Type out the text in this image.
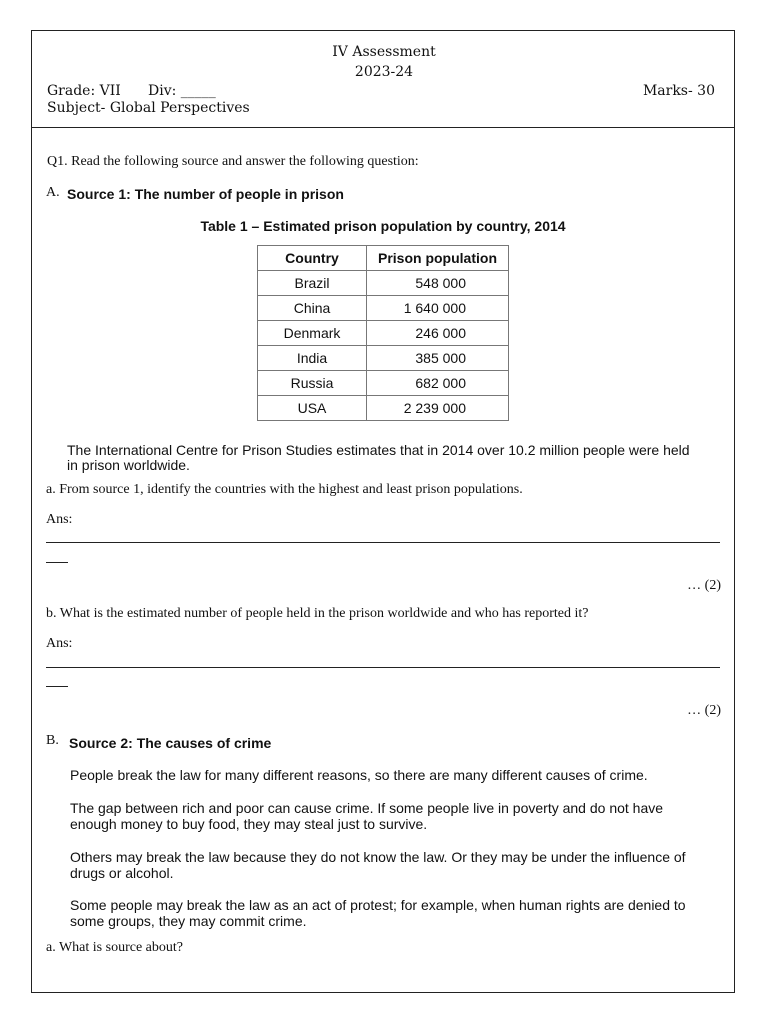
IV Assessment
2023-24
Grade: VII Div: _____	Marks- 30
Subject- Global Perspectives
Q1. Read the following source and answer the following question:
A. Source 1: The number of people in prison
Table 1 – Estimated prison population by country, 2014
Country	Prison population
Brazil	548 000
China	1 640 000
Denmark	246 000
India	385 000
Russia	682 000
USA	2 239 000
The International Centre for Prison Studies estimates that in 2014 over 10.2 million people were held
in prison worldwide.
a. From source 1, identify the countries with the highest and least prison populations.
Ans:
… (2)
b. What is the estimated number of people held in the prison worldwide and who has reported it?
Ans:
… (2)
B. Source 2: The causes of crime
People break the law for many different reasons, so there are many different causes of crime.
The gap between rich and poor can cause crime. If some people live in poverty and do not have
enough money to buy food, they may steal just to survive.
Others may break the law because they do not know the law. Or they may be under the influence of
drugs or alcohol.
Some people may break the law as an act of protest; for example, when human rights are denied to
some groups, they may commit crime.
a. What is source about?
